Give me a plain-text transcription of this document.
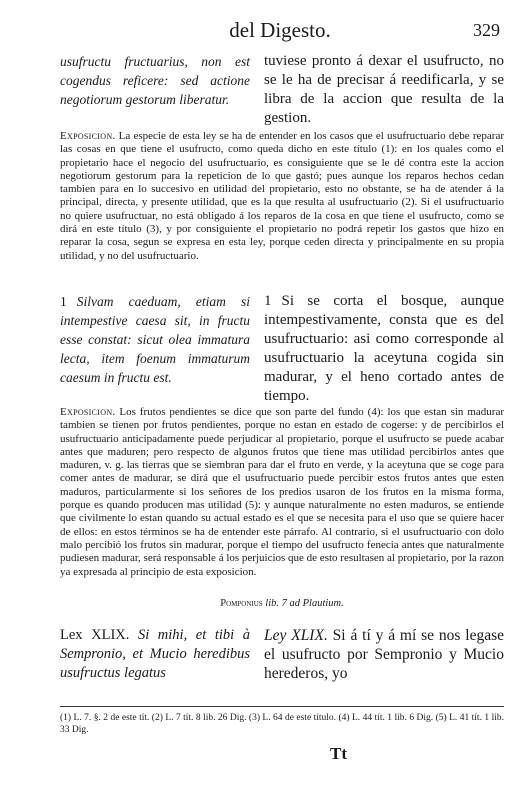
del Digesto.	329
usufructu fructuarius, non est cogendus reficere: sed actione negotiorum gestorum liberatur.
tuviese pronto á dexar el usufructo, no se le ha de precisar á reedificarla, y se libra de la accion que resulta de la gestion.
Exposicion. La especie de esta ley se ha de entender en los casos que el usufructuario debe reparar las cosas en que tiene el usufructo, como queda dicho en este título (1): en los quales como el propietario hace el negocio del usufructuario, es consiguiente que se le dé contra este la accion negotiorum gestorum para la repeticion de lo que gastó; pues aunque los reparos hechos cedan tambien para en lo succesivo en utilidad del propietario, esto no obstante, se ha de atender á la principal, directa, y presente utilidad, que es la que resulta al usufructuario (2). Si el usufructuario no quiere usufructuar, no está obligado á los reparos de la cosa en que tiene el usufructo, como se dirá en este título (3), y por consiguiente el propietario no podrá repetir los gastos que hizo en reparar la cosa, segun se expresa en esta ley, porque ceden directa y principalmente en su propia utilidad, y no del usufructuario.
1 Silvam caeduam, etiam si intempestive caesa sit, in fructu esse constat: sicut olea immatura lecta, item foenum immaturum caesum in fructu est.
1 Si se corta el bosque, aunque intempestivamente, consta que es del usufructuario: asi como corresponde al usufructuario la aceytuna cogida sin madurar, y el heno cortado antes de tiempo.
Exposicion. Los frutos pendientes se dice que son parte del fundo (4): los que estan sin madurar tambien se tienen por frutos pendientes, porque no estan en estado de cogerse: y de percibirlos el usufructuario anticipadamente puede perjudicar al propietario, porque el usufructo se puede acabar antes que maduren; pero respecto de algunos frutos que tiene mas utilidad percibirlos antes que maduren, v. g. las tierras que se siembran para dar el fruto en verde, y la aceytuna que se coge para comer antes de madurar, se dirá que el usufructuario puede percibir estos frutos antes que esten maduros, particularmente si los señores de los predios usaron de los frutos en la misma forma, porque es quando producen mas utilidad (5): y aunque naturalmente no esten maduros, se entiende que civilmente lo estan quando su actual estado es el que se necesita para el uso que se quiere hacer de ellos: en estos términos se ha de entender este párrafo. Al contrario, si el usufructuario con dolo malo percibió los frutos sin madurar, porque el tiempo del usufructo fenecia antes que naturalmente pudiesen madurar, será responsable á los perjuicios que de esto resultasen al propietario, por la razon ya expresada al principio de esta exposicion.
Pomponius lib. 7 ad Plautium.
Lex XLIX. Si mihi, et tibi à Sempronio, et Mucio heredibus usufructus legatus
Ley XLIX. Si á tí y á mí se nos legase el usufructo por Sempronio y Mucio herederos, yo
(1) L. 7. §. 2 de este tít. (2) L. 7 tít. 8 lib. 26 Dig. (3) L. 64 de este título. (4) L. 44 tít. 1 lib. 6 Dig. (5) L. 41 tít. 1 lib. 33 Dig.
Tt
